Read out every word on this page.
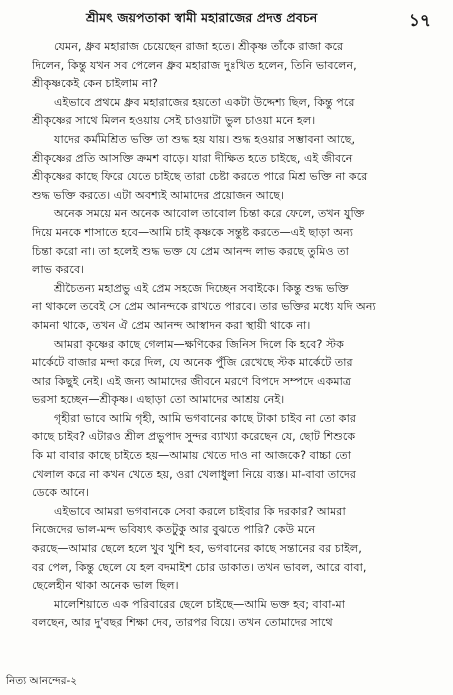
শ্রীমৎ জয়পতাকা স্বামী মহারাজের প্রদত্ত প্রবচন	১৭
যেমন, ধ্রুব মহারাজ চেয়েছেন রাজা হতে। শ্রীকৃষ্ণ তাঁকে রাজা করে
দিলেন, কিন্তু যখন সব পেলেন ধ্রুব মহারাজ দুঃখিত হলেন, তিনি ভাবলেন,
শ্রীকৃষ্ণকেই কেন চাইলাম না?
এইভাবে প্রথমে ধ্রুব মহারাজের হয়তো একটা উদ্দেশ্য ছিল, কিন্তু পরে
শ্রীকৃষ্ণের সাথে মিলন হওয়ায় সেই চাওয়াটা ভুল চাওয়া মনে হল।
যাদের কর্মমিশ্রিত ভক্তি তা শুদ্ধ হয় যায়। শুদ্ধ হওয়ার সম্ভাবনা আছে,
শ্রীকৃষ্ণের প্রতি আসক্তি ক্রমশ বাড়ে। যারা দীক্ষিত হতে চাইছে, এই জীবনে
শ্রীকৃষ্ণের কাছে ফিরে যেতে চাইছে তারা চেষ্টা করতে পারে মিশ্র ভক্তি না করে
শুদ্ধ ভক্তি করতে। এটা অবশ্যই আমাদের প্রয়োজন আছে।
অনেক সময়ে মন অনেক আবোল তাবোল চিন্তা করে ফেলে, তখন যুক্তি
দিয়ে মনকে শাসাতে হবে—আমি চাই কৃষ্ণকে সন্তুষ্ট করতে—এই ছাড়া অন্য
চিন্তা করো না। তা হলেই শুদ্ধ ভক্ত যে প্রেম আনন্দ লাভ করছে তুমিও তা
লাভ করবে।
শ্রীচৈতন্য মহাপ্রভু এই প্রেম সহজে দিচ্ছেন সবাইকে। কিন্তু শুদ্ধ ভক্তি
না থাকলে তবেই সে প্রেম আনন্দকে রাখতে পারবে। তার ভক্তির মধ্যে যদি অন্য
কামনা থাকে, তখন ঐ প্রেম আনন্দ আস্বাদন করা স্থায়ী থাকে না।
আমরা কৃষ্ণের কাছে গেলাম—ক্ষণিকের জিনিস দিলে কি হবে? স্টক
মার্কেটে বাজার মন্দা করে দিল, যে অনেক পুঁজি রেখেছে স্টক মার্কেটে তার
আর কিছুই নেই। এই জন্য আমাদের জীবনে মরণে বিপদে সম্পদে একমাত্র
ভরসা হচ্ছেন—শ্রীকৃষ্ণ। এছাড়া তো আমাদের আশ্রয় নেই।
গৃহীরা ভাবে আমি গৃহী, আমি ভগবানের কাছে টাকা চাইব না তো কার
কাছে চাইব? এটারও শ্রীল প্রভুপাদ সুন্দর ব্যাখ্যা করেছেন যে, ছোট শিশুকে
কি মা বাবার কাছে চাইতে হয়—আমায় খেতে দাও না আজকে? বাচ্চা তো
খেলাল করে না কখন খেতে হয়, ওরা খেলাধুলা নিয়ে ব্যস্ত। মা-বাবা তাদের
ডেকে আনে।
এইভাবে আমরা ভগবানকে সেবা করলে চাইবার কি দরকার? আমরা
নিজেদের ভাল-মন্দ ভবিষ্যৎ কতটুকু আর বুঝতে পারি? কেউ মনে
করছে—আমার ছেলে হলে খুব খুশি হব, ভগবানের কাছে সন্তানের বর চাইল,
বর পেল, কিন্তু ছেলে যে হল বদমাইশ চোর ডাকাত। তখন ভাবল, আরে বাবা,
ছেলেহীন থাকা অনেক ভাল ছিল।
মালেশিয়াতে এক পরিবারের ছেলে চাইছে—আমি ভক্ত হব; বাবা-মা
বলছেন, আর দু'বছর শিক্ষা দেব, তারপর বিয়ে। তখন তোমাদের সাথে
নিত্য আনন্দের-২
